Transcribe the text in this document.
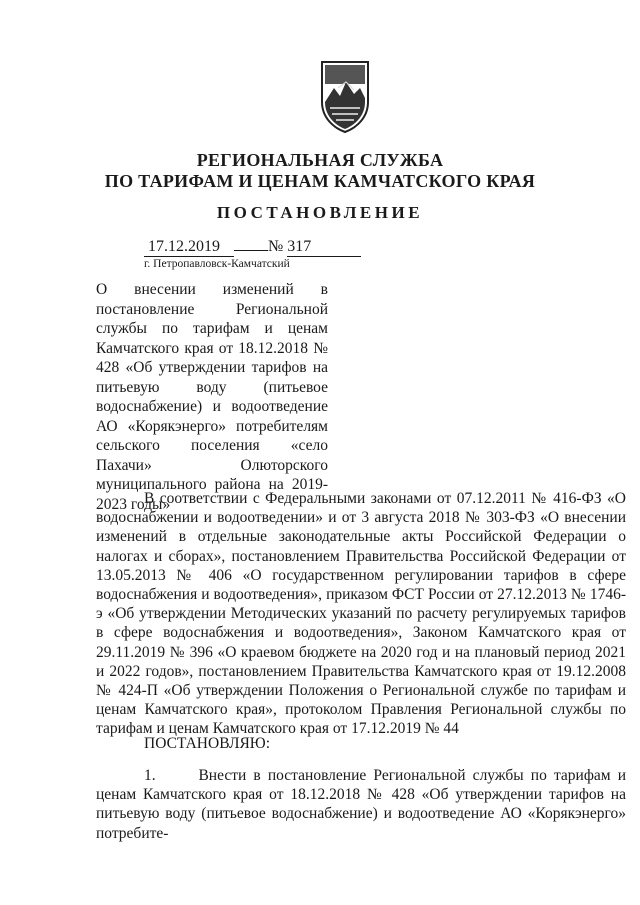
РЕГИОНАЛЬНАЯ СЛУЖБА
ПО ТАРИФАМ И ЦЕНАМ КАМЧАТСКОГО КРАЯ
ПОСТАНОВЛЕНИЕ
17.12.2019	№ 317
г. Петропавловск-Камчатский
О внесении изменений в постановление Региональной службы по тарифам и ценам Камчатского края от 18.12.2018 № 428 «Об утверждении тарифов на питьевую воду (питьевое водоснабжение) и водоотведение АО «Корякэнерго» потребителям сельского поселения «село Пахачи» Олюторского муниципального района на 2019-2023 годы»
В соответствии с Федеральными законами от 07.12.2011 № 416-ФЗ «О водоснабжении и водоотведении» и от 3 августа 2018 № 303-ФЗ «О внесении изменений в отдельные законодательные акты Российской Федерации о налогах и сборах», постановлением Правительства Российской Федерации от 13.05.2013 № 406 «О государственном регулировании тарифов в сфере водоснабжения и водоотведения», приказом ФСТ России от 27.12.2013 № 1746-э «Об утверждении Методических указаний по расчету регулируемых тарифов в сфере водоснабжения и водоотведения», Законом Камчатского края от 29.11.2019 № 396 «О краевом бюджете на 2020 год и на плановый период 2021 и 2022 годов», постановлением Правительства Камчатского края от 19.12.2008 № 424-П «Об утверждении Положения о Региональной службе по тарифам и ценам Камчатского края», протоколом Правления Региональной службы по тарифам и ценам Камчатского края от 17.12.2019 № 44
ПОСТАНОВЛЯЮ:
1.	Внести в постановление Региональной службы по тарифам и ценам Камчатского края от 18.12.2018 № 428 «Об утверждении тарифов на питьевую воду (питьевое водоснабжение) и водоотведение АО «Корякэнерго» потребите-
